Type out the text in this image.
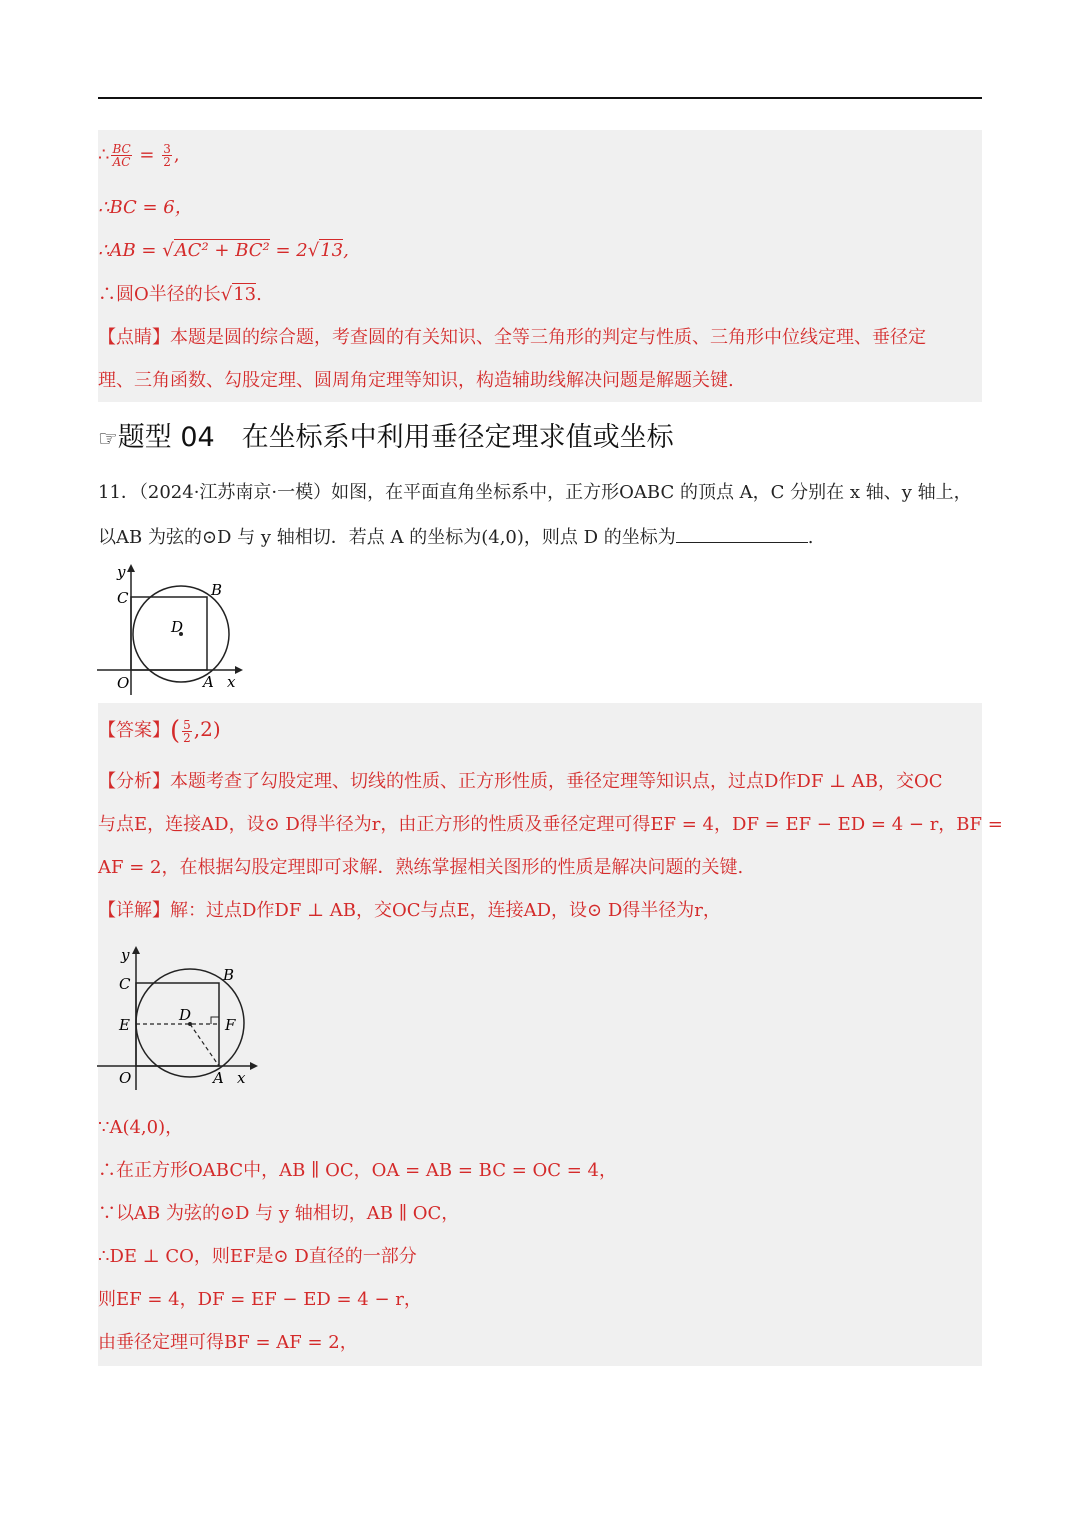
∴ $\frac{BC}{AC} = \frac{3}{2}$ ,
∴BC = 6，
∴AB = √AC² + BC² = 2√13,
∴圆O半径的长√13.
【点睛】本题是圆的综合题，考查圆的有关知识、全等三角形的判定与性质、三角形中位线定理、垂径定
理、三角函数、勾股定理、圆周角定理等知识，构造辅助线解决问题是解题关键.
☞题型 04　在坐标系中利用垂径定理求值或坐标
11．（2024·江苏南京·一模）如图，在平面直角坐标系中，正方形OABC 的顶点 A，C 分别在 x 轴、y 轴上，
以AB 为弦的⊙D 与 y 轴相切．若点 A 的坐标为(4,0)，则点 D 的坐标为	.
y
x
O	A
B
C
D
【答案】( $\frac{5}{2} ,2$)
【分析】本题考查了勾股定理、切线的性质、正方形性质，垂径定理等知识点，过点D作DF ⊥ AB，交OC
与点E，连接AD，设⊙ D得半径为r，由正方形的性质及垂径定理可得EF = 4，DF = EF − ED = 4 − r，BF =
AF = 2，在根据勾股定理即可求解．熟练掌握相关图形的性质是解决问题的关键.
【详解】解：过点D作DF ⊥ AB，交OC与点E，连接AD，设⊙ D得半径为r，
y
x
O	A
B
C
D
E	F
∵A(4,0)，
∴在正方形OABC中，AB ∥ OC，OA = AB = BC = OC = 4，
∵以AB 为弦的⊙D 与 y 轴相切，AB ∥ OC，
∴DE ⊥ CO，则EF是⊙ D直径的一部分
则EF = 4，DF = EF − ED = 4 − r，
由垂径定理可得BF = AF = 2，
